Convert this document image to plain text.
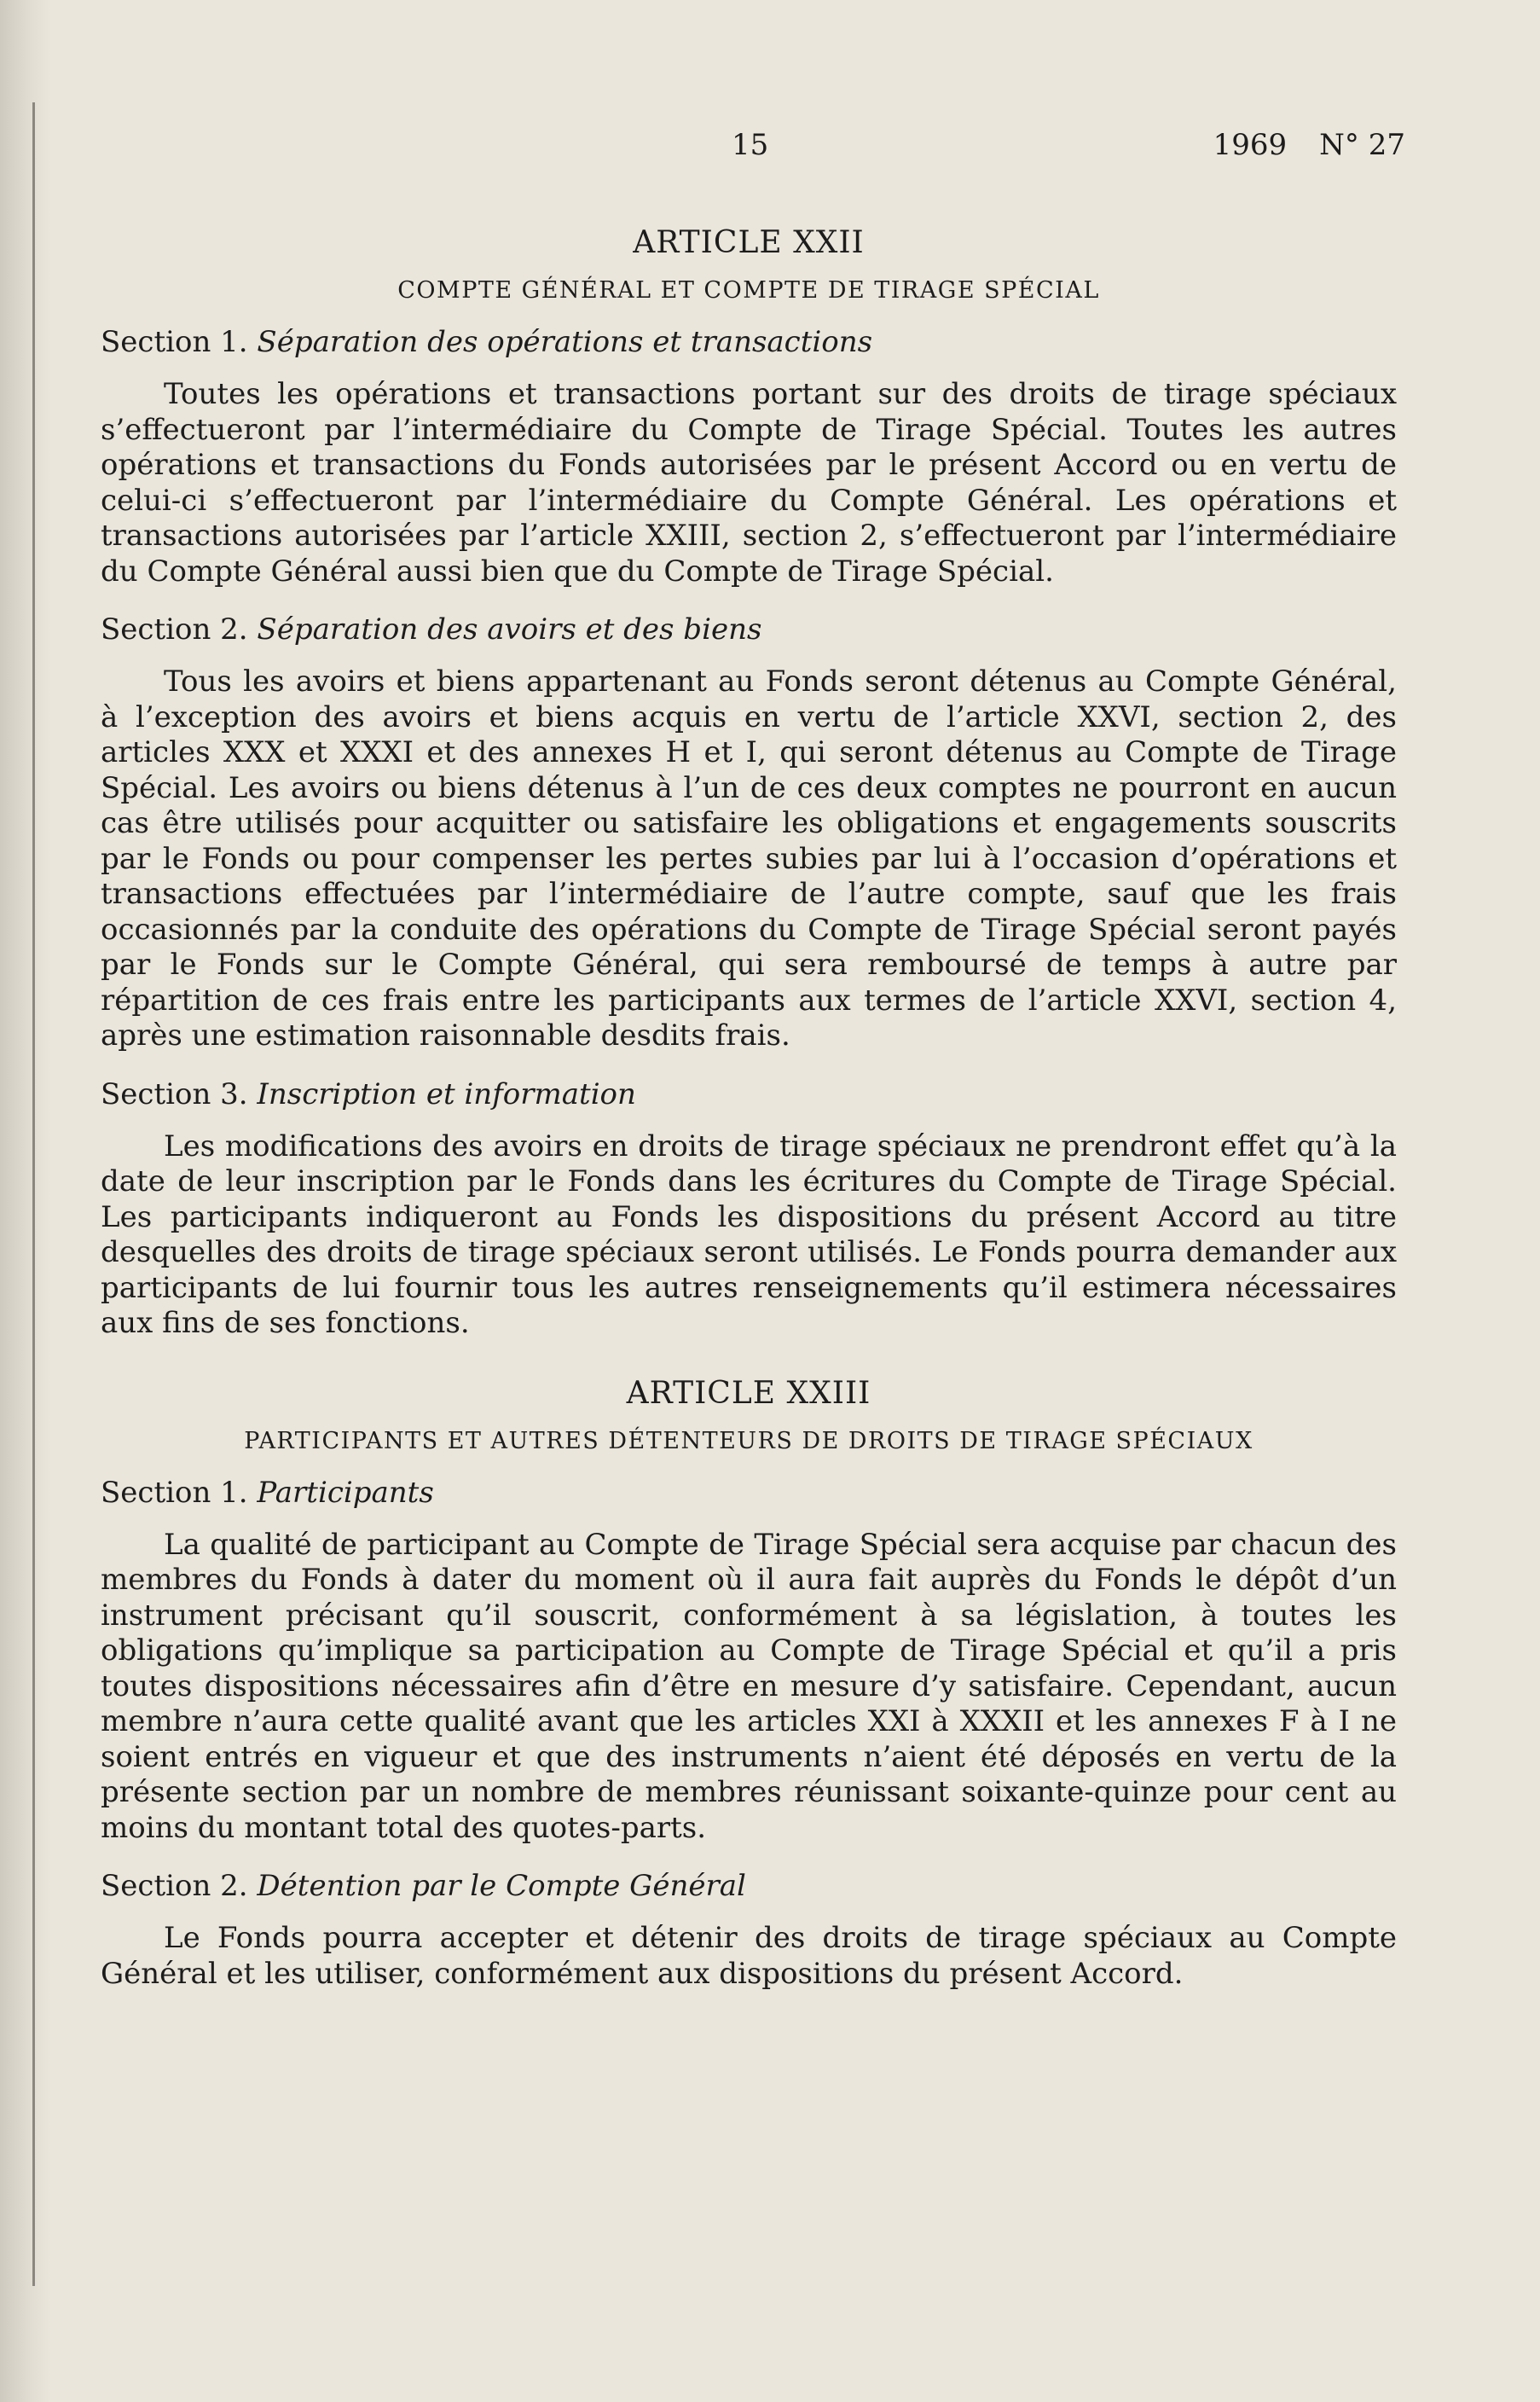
15	1969 N° 27
ARTICLE XXII
COMPTE GÉNÉRAL ET COMPTE DE TIRAGE SPÉCIAL

Section 1. Séparation des opérations et transactions

Toutes les opérations et transactions portant sur des droits de tirage spéciaux s’effectueront par l’intermédiaire du Compte de Tirage Spécial. Toutes les autres opérations et transactions du Fonds autorisées par le présent Accord ou en vertu de celui-ci s’effectueront par l’intermédiaire du Compte Général. Les opérations et transactions autorisées par l’article XXIII, section 2, s’effectueront par l’intermédiaire du Compte Général aussi bien que du Compte de Tirage Spécial.

Section 2. Séparation des avoirs et des biens

Tous les avoirs et biens appartenant au Fonds seront détenus au Compte Général, à l’exception des avoirs et biens acquis en vertu de l’article XXVI, section 2, des articles XXX et XXXI et des annexes H et I, qui seront détenus au Compte de Tirage Spécial. Les avoirs ou biens détenus à l’un de ces deux comptes ne pourront en aucun cas être utilisés pour acquitter ou satisfaire les obligations et engagements souscrits par le Fonds ou pour compenser les pertes subies par lui à l’occasion d’opérations et transactions effectuées par l’intermédiaire de l’autre compte, sauf que les frais occasionnés par la conduite des opérations du Compte de Tirage Spécial seront payés par le Fonds sur le Compte Général, qui sera remboursé de temps à autre par répartition de ces frais entre les participants aux termes de l’article XXVI, section 4, après une estimation raisonnable desdits frais.

Section 3. Inscription et information

Les modifications des avoirs en droits de tirage spéciaux ne prendront effet qu’à la date de leur inscription par le Fonds dans les écritures du Compte de Tirage Spécial. Les participants indiqueront au Fonds les dispositions du présent Accord au titre desquelles des droits de tirage spéciaux seront utilisés. Le Fonds pourra demander aux participants de lui fournir tous les autres renseignements qu’il estimera nécessaires aux fins de ses fonctions.

ARTICLE XXIII
PARTICIPANTS ET AUTRES DÉTENTEURS DE DROITS DE TIRAGE SPÉCIAUX

Section 1. Participants

La qualité de participant au Compte de Tirage Spécial sera acquise par chacun des membres du Fonds à dater du moment où il aura fait auprès du Fonds le dépôt d’un instrument précisant qu’il souscrit, conformément à sa législation, à toutes les obligations qu’implique sa participation au Compte de Tirage Spécial et qu’il a pris toutes dispositions nécessaires afin d’être en mesure d’y satisfaire. Cependant, aucun membre n’aura cette qualité avant que les articles XXI à XXXII et les annexes F à I ne soient entrés en vigueur et que des instruments n’aient été déposés en vertu de la présente section par un nombre de membres réunissant soixante-quinze pour cent au moins du montant total des quotes-parts.

Section 2. Détention par le Compte Général

Le Fonds pourra accepter et détenir des droits de tirage spéciaux au Compte Général et les utiliser, conformément aux dispositions du présent Accord.
